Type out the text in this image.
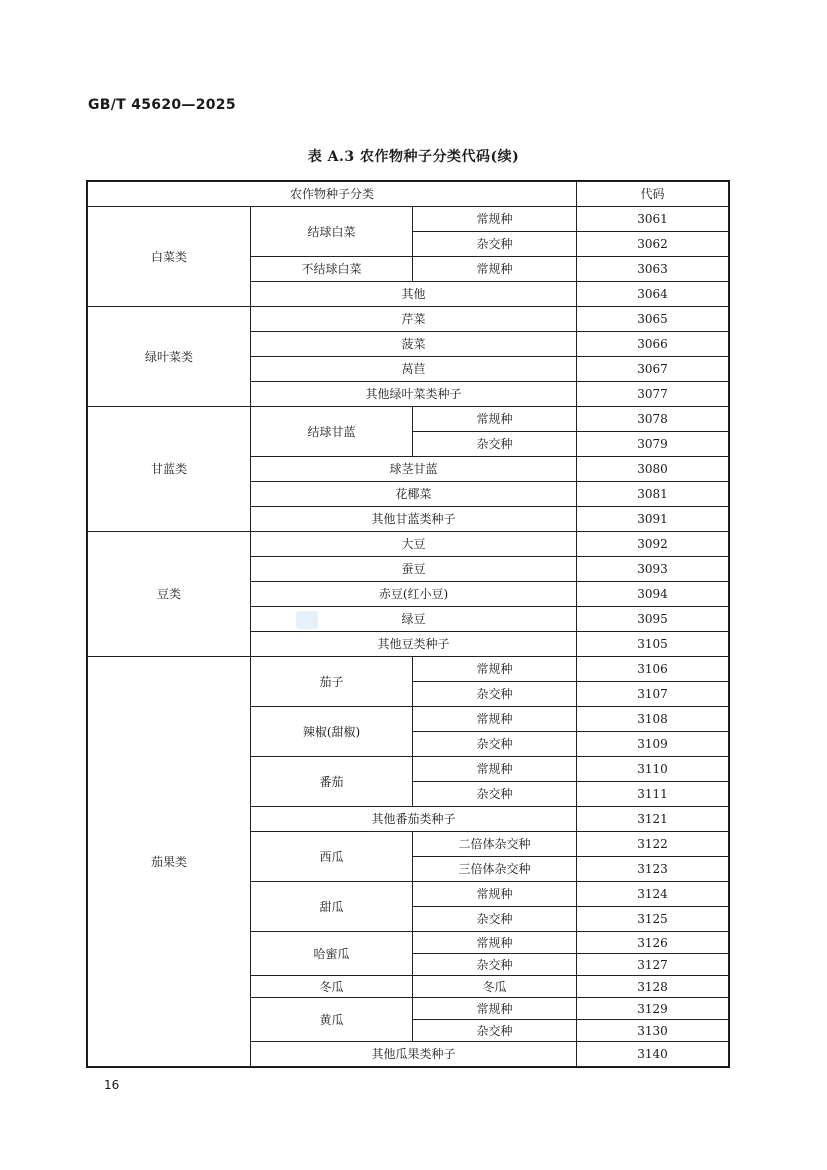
GB/T 45620—2025
表 A.3 农作物种子分类代码(续)
农作物种子分类			代码
白菜类	结球白菜	常规种	3061
		杂交种	3062
	不结球白菜	常规种	3063
	其他		3064
绿叶菜类	芹菜		3065
	菠菜		3066
	莴苣		3067
	其他绿叶菜类种子		3077
甘蓝类	结球甘蓝	常规种	3078
		杂交种	3079
	球茎甘蓝		3080
	花椰菜		3081
	其他甘蓝类种子		3091
豆类	大豆		3092
	蚕豆		3093
	赤豆(红小豆)		3094
	绿豆		3095
	其他豆类种子		3105
茄果类	茄子	常规种	3106
		杂交种	3107
	辣椒(甜椒)	常规种	3108
		杂交种	3109
	番茄	常规种	3110
		杂交种	3111
	其他番茄类种子		3121
	西瓜	二倍体杂交种	3122
		三倍体杂交种	3123
	甜瓜	常规种	3124
		杂交种	3125
	哈蜜瓜	常规种	3126
		杂交种	3127
	冬瓜	冬瓜	3128
	黄瓜	常规种	3129
		杂交种	3130
	其他瓜果类种子		3140
16
